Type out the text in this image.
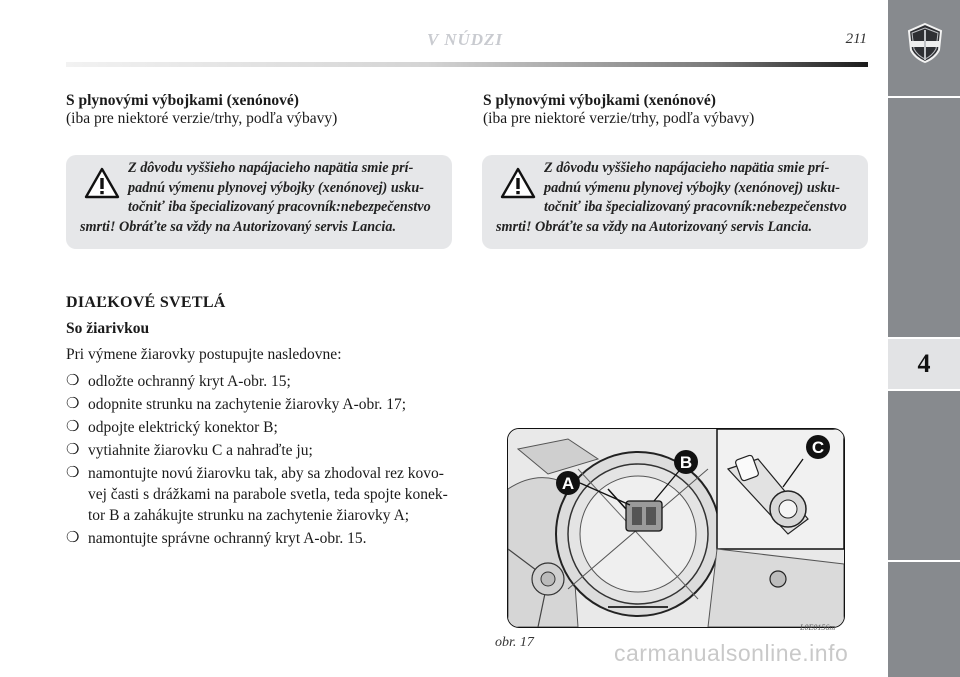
V NÚDZI	211
4
S plynovými výbojkami (xenónové)
(iba pre niektoré verzie/trhy, podľa výbavy)
Z dôvodu vyššieho napájacieho napätia smie prí-
padnú výmenu plynovej výbojky (xenónovej) usku-
točniť iba špecializovaný pracovník:nebezpečenstvo
smrti! Obráťte sa vždy na Autorizovaný servis Lancia.
DIAĽKOVÉ SVETLÁ
So žiarivkou
Pri výmene žiarovky postupujte nasledovne:
❍ odložte ochranný kryt A-obr. 15;
❍ odopnite strunku na zachytenie žiarovky A-obr. 17;
❍ odpojte elektrický konektor B;
❍ vytiahnite žiarovku C a nahraďte ju;
❍ namontujte novú žiarovku tak, aby sa zhodoval rez kovo-
vej časti s drážkami na parabole svetla, teda spojte konek-
tor B a zahákujte strunku na zachytenie žiarovky A;
❍ namontujte správne ochranný kryt A-obr. 15.
S plynovými výbojkami (xenónové)
(iba pre niektoré verzie/trhy, podľa výbavy)
Z dôvodu vyššieho napájacieho napätia smie prí-
padnú výmenu plynovej výbojky (xenónovej) usku-
točniť iba špecializovaný pracovník:nebezpečenstvo
smrti! Obráťte sa vždy na Autorizovaný servis Lancia.
A
B
C
L0E0156m
obr. 17	carmanualsonline.info
